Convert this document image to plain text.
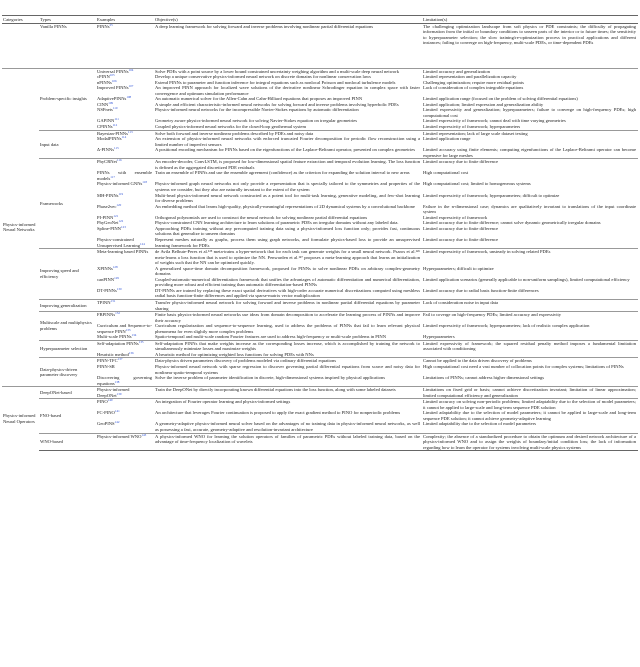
Categories	Types	Examples	Objective(s)	Limitation(s)
	Vanilla PINNs	PINNs$^{25}$	A deep learning framework for solving forward and inverse problems involving nonlinear partial differential equations	The challenging optimization landscape from soft physics or PDE constraints; the difficulty of propagating information from the initial or boundary conditions to unseen parts of the interior or to future times; the sensitivity to hyperparameter selection; the slow training/re-optimization process in practical applications and different instances; failing to converge on high-frequency, multi-scale PDEs, or time-dependent PDEs
Physics-informed Neural Networks	Problem-specific insights	Universal PINNs$^{104}$	Solve PDEs with a point source by a lower bound constrained uncertainty weighing algorithm and a multi-scale deep neural network	Limited accuracy and generalization
		cPINN$^{105}$	Develop a unique conservative physics-informed neural network on discrete domains for nonlinear conservation laws	Limited representation and parallelization capacity
		nPINNs$^{106}$	Extend PINNs to parameter and function inference for integral equations such as nonlocal Poisson and nonlocal turbulence models	Challenging optimization; require more residual points
		Improved PINNs$^{107}$	An improved PINN approach for localized wave solutions of the derivative nonlinear Schrodinger equation in complex space with faster convergence and optimum simulation performance	Lack of consideration of complex integrable equations
		AdaptivePINNs$^{108}$	An automatic numerical solver for the Allen-Cahn and Cahn-Hilliard equations that proposes an improved PINN	Limited application range (focused on the problem of solving differential equations)
		CINN$^{109}$	A simple and efficient characteristic-informed neural networks for solving forward and inverse problems involving hyperbolic PDEs	Limited application; limited expression and generalization ability
		NSFnets$^{110}$	Physics-informed neural networks for the incompressible Navier-Stokes equations by automatic differentiation	Limited expressivity and generalization; hyperparameters; failure to converge on high-frequency PDEs; high computational cost
		GAPINN$^{111}$	Geometry aware physics-informed neural network for solving Navier-Stokes equation on irregular geometries	Limited expressivity of framework; cannot deal with time varying geometries
		CPINNs$^{112}$	Coupled physics-informed neural networks for the closed-loop geothermal system	Limited expressivity of framework; hyperparameters
	Input data	Bayesian-PINNs$^{113}$	Solve both forward and inverse nonlinear problems described by PDEs and noisy data	Limited representation; lack of large scale dataset testing
		ModalPINNs$^{114}$	An extension of physics-informed neural networks with enforced truncated Fourier decomposition for periodic flow reconstruction using a limited number of imperfect sensors	Limited application range
		Δ-PINNs$^{115}$	A positional encoding mechanism for PINNs based on the eigenfunctions of the Laplace-Beltrami operator, presented on complex geometries	Limited accuracy using finite elements; computing eigenfunctions of the Laplace-Beltrami operator can become expensive for large meshes
	Frameworks	PhyCRNet$^{116}$	An encoder-decoder, ConvLSTM, is proposed for low-dimensional spatial feature extraction and temporal evolution learning. The loss function is defined as the aggregated discretized PDE residuals	Limited accuracy due to finite difference
		PINNs with ensemble models$^{117}$	Train an ensemble of PINNs and use the ensemble agreement (confidence) as the criterion for expanding the solution interval to new areas	High computational cost
		Physics-informed GNNs$^{118}$	Physics-informed graph neural networks not only provide a representation that is specially tailored to the symmetries and properties of the systems we consider, but they also are naturally invariant to the extent of the system	High computational cost; limited to homogeneous systems
		MH-PINNs$^{119}$	Multi-head physics-informed neural network constructed as a potent tool for multi-task learning, generative modeling, and few-shot learning for diverse problems	Limited expressivity of framework; hyperparameters; difficult to optimize
		Phase2vec$^{120}$	An embedding method that learns high-quality, physically-meaningful representations of 2D dynamical systems by a convolutional backbone	Failure in the n-dimensional case; dynamics are qualitatively invariant to translations of the input coordinate system
		PI-PINN$^{121}$	Orthogonal polynomials are used to construct the neural network for solving nonlinear partial differential equations	Limited expressivity of framework
		PhyGeoNet$^{122}$	Physics-constrained CNN learning architecture to learn solutions of parametric PDEs on irregular domains without any labeled data.	Limited accuracy due to finite difference; cannot solve dynamic geometrically irregular domains
		Spline-PINN$^{123}$	Approaching PDEs training without any precomputed training data using a physics-informed loss function only; provides fast, continuous solutions that generalize to unseen domains	Limited accuracy due to finite difference
		Physics-constrained Unsupervised Learning$^{124}$	Represent meshes naturally as graphs, process them using graph networks, and formulate physics-based loss to provide an unsupervised learning framework for PDEs	Limited accuracy due to finite difference
	Improving speed and efficiency	Meta-learning based PINNs	de Avila Belbute-Peres et al.¹²⁵ meta-trains a hyper-network that for each task can generate weights for a small neural network. Psaros et al.¹²⁶ meta-learns a loss function that is used to optimize the NN. Penwarden et al.¹²⁷ proposes a meta-learning approach that learns an initialization of weights such that the NN can be optimized quickly.	Limited expressivity of framework, unsteady in solving related PDEs
		XPINNs$^{128}$	A generalized space-time domain decomposition framework, proposed for PINNs to solve nonlinear PDEs on arbitrary complex-geometry domains	Hyperparameters; difficult to optimize
		canPINN$^{129}$	Coupled-automatic-numerical differentiation framework that unifies the advantages of automatic differentiation and numerical differentiation, providing more robust and efficient training than automatic differentiation-based PINNs	Limited application scenarios (generally applicable to non-uniform samplings), limited computational efficiency
		DT-PINNs$^{130}$	DT-PINNs are trained by replacing these exact spatial derivatives with high-order accurate numerical discretizations computed using meshless radial basis function-finite differences and applied via sparse-matrix vector multiplication	Limited accuracy due to radial basis function-finite differences
	Improving generalization	TPINN$^{131}$	Transfer physics-informed neural network for solving forward and inverse problems in nonlinear partial differential equations by parameter sharing	Lack of consideration noise in input data
	Multiscale and multiphysics problems	FBPINNs$^{132}$	Finite basis physics-informed neural networks use ideas from domain decomposition to accelerate the learning process of PINNs and improve their accuracy	Fail to coverge on high-frequency PDEs; limited accuracy and expressivity
		Curriculum and Sequence-to-sequence PINN$^{133}$	Curriculum regularization and sequence-to-sequence learning, used to address the problems of PINNs that fail to learn relevant physical phenomena for even slightly more complex problems	Limited expressivity of framework; hyperparameters; lack of realistic complex application
		Multi-scale PINNs$^{134}$	Spatio-temporal and multi-scale random Fourier features are used to address high-frequency or multi-scale problems in PINN	Hyperparameters
	Hyperparameter selection	Self-adaptation PINNs$^{135}$	Self-adaptation PINNs that make weights increase as the corresponding losses increase, which is accomplished by training the network to simultaneously minimize losses and maximize weights	Limited expressivity of framework; the squared residual penalty method imposes a fundamental limitation associated with conditioning
		Heuristic method$^{136}$	A heuristic method for optimizing weighted loss functions for solving PDEs with NNs	
	Data-physics-driven parameter discovery	PINN-TFC$^{137}$	Data-physics driven parameters discovery of problems modeled via ordinary differential equations	Cannot be applied to the data driven discovery of problems
		PINN-SR	Physics-informed neural network with sparse regression to discover governing partial differential equations from scarce and noisy data for nonlinear spatio-temporal systems	High computational cost need a vast number of collocation points for complex systems; limitations of PINNs
		Discovering governing equations$^{138}$	Solve the inverse problem of parameter identification in discrete, high-dimensional systems inspired by physical applications	Limitations of PINNs; cannot address higher dimensional settings
Physics-informed Neural Operators	DeepONet-based	Physics-informed DeepONet$^{139}$	Train the DeepONet by directly incorporating known differential equations into the loss function, along with some labeled datasets	Limitations on fixed grid or basis; cannot achieve discretization invariant; limitation of linear approximation; limited computational efficiency and generalization
	FNO-based	PINO$^{140}$	An integration of Fourier operator learning and physics-informed settings	Limited accuracy on solving non-periodic problems; limited adaptability due to the selection of model parameters; it cannot be applied to large-scale and long-term sequence PDE solution
		FC-PINO$^{141}$	An architecture that leverages Fourier continuation is proposed to apply the exact gradient method to PINO for nonperiodic problems	Limited adaptability due to the selection of model parameters; it cannot be applied to large-scale and long-term sequence PDE solution; it cannot achieve geometry-adaptive learning
		GeoPINS$^{142}$	A geometry-adaptive physics-informed neural solver based on the advantages of no training data in physics-informed neural networks, as well as possessing a fast, accurate, geometry-adaptive and resolution-invariant architecture	Limited adaptability due to the selection of model parameters
	WNO-based	Physics-informed WNO$^{143}$	A physics-informed WNO for learning the solution operators of families of parametric PDEs without labeled training data, based on the advantage of time-frequency localization of wavelets	Complexity; the absence of a standardized procedure to obtain the optimum and desired network architecture of a physics-informed WNO and to assign the weights of boundary/initial condition loss; the lack of information regarding how to learn the operator for systems involving multi-scale physics systems
